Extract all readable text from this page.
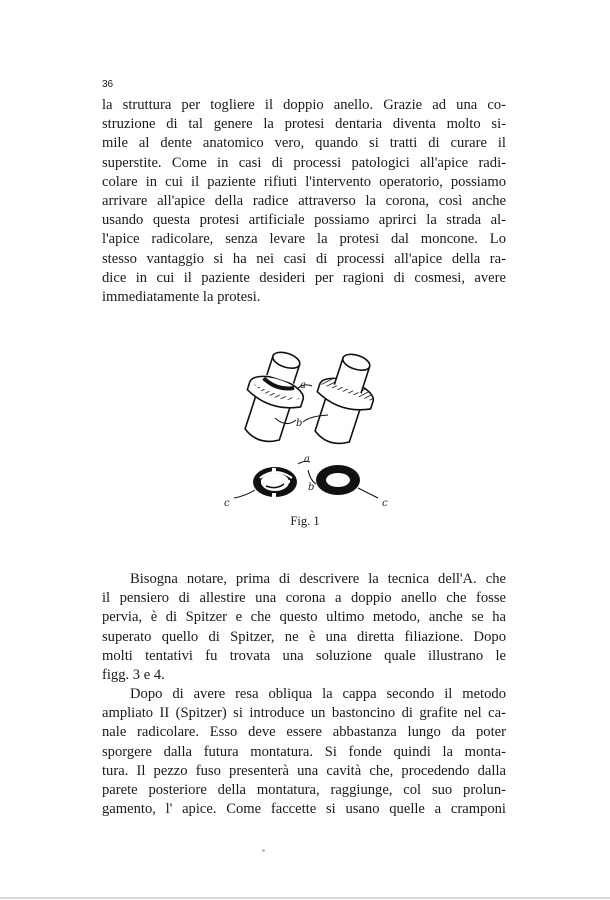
36

la struttura per togliere il doppio anello. Grazie ad una co-
struzione di tal genere la protesi dentaria diventa molto si-
mile al dente anatomico vero, quando si tratti di curare il
superstite. Come in casi di processi patologici all'apice radi-
colare in cui il paziente rifiuti l'intervento operatorio, possiamo
arrivare all'apice della radice attraverso la corona, così anche
usando questa protesi artificiale possiamo aprirci la strada al-
l'apice radicolare, senza levare la protesi dal moncone. Lo
stesso vantaggio si ha nei casi di processi all'apice della ra-
dice in cui il paziente desideri per ragioni di cosmesi, avere
immediatamente la protesi.

a
b
a
b
c	c
Fig. 1

Bisogna notare, prima di descrivere la tecnica dell'A. che
il pensiero di allestire una corona a doppio anello che fosse
pervia, è di Spitzer e che questo ultimo metodo, anche se ha
superato quello di Spitzer, ne è una diretta filiazione. Dopo
molti tentativi fu trovata una soluzione quale illustrano le
figg. 3 e 4.

Dopo di avere resa obliqua la cappa secondo il metodo
ampliato II (Spitzer) si introduce un bastoncino di grafite nel ca-
nale radicolare. Esso deve essere abbastanza lungo da poter
sporgere dalla futura montatura. Si fonde quindi la monta-
tura. Il pezzo fuso presenterà una cavità che, procedendo dalla
parete posteriore della montatura, raggiunge, col suo prolun-
gamento, l' apice. Come faccette si usano quelle a cramponi
